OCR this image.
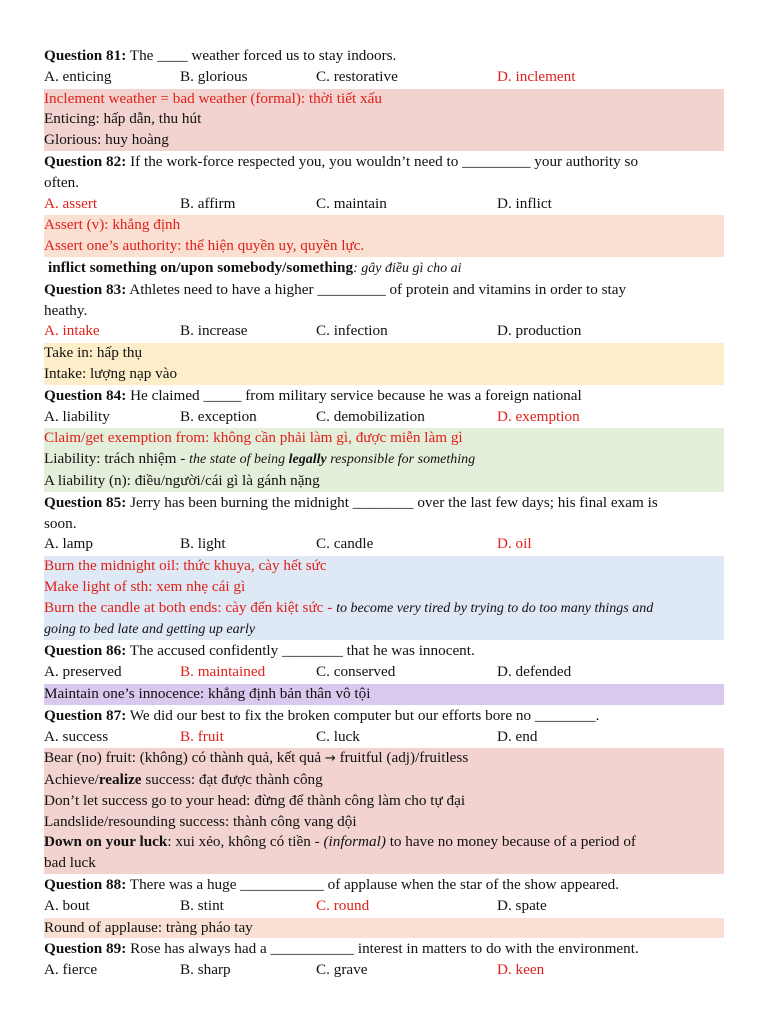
Question 81: The ____ weather forced us to stay indoors.
A. enticing	B. glorious	C. restorative	D. inclement
Inclement weather = bad weather (formal): thời tiết xấu
Enticing: hấp dẫn, thu hút
Glorious: huy hoàng
Question 82: If the work-force respected you, you wouldn’t need to _________ your authority so
often.
A. assert	B. affirm	C. maintain	D. inflict
Assert (v): khẳng định
Assert one’s authority: thể hiện quyền uy, quyền lực.
inflict something on/upon somebody/something: gây điều gì cho ai
Question 83: Athletes need to have a higher _________ of protein and vitamins in order to stay
heathy.
A. intake	B. increase	C. infection	D. production
Take in: hấp thụ
Intake: lượng nạp vào
Question 84: He claimed _____ from military service because he was a foreign national
A. liability	B. exception	C. demobilization	D. exemption
Claim/get exemption from: không cần phải làm gì, được miễn làm gì
Liability: trách nhiệm - the state of being legally responsible for something
A liability (n): điều/người/cái gì là gánh nặng
Question 85: Jerry has been burning the midnight ________ over the last few days; his final exam is
soon.
A. lamp	B. light	C. candle	D. oil
Burn the midnight oil: thức khuya, cày hết sức
Make light of sth: xem nhẹ cái gì
Burn the candle at both ends: cày đến kiệt sức - to become very tired by trying to do too many things and
going to bed late and getting up early
Question 86: The accused confidently ________ that he was innocent.
A. preserved	B. maintained	C. conserved	D. defended
Maintain one’s innocence: khẳng định bản thân vô tội
Question 87: We did our best to fix the broken computer but our efforts bore no ________.
A. success	B. fruit	C. luck	D. end
Bear (no) fruit: (không) có thành quả, kết quả → fruitful (adj)/fruitless
Achieve/realize success: đạt được thành công
Don’t let success go to your head: đừng để thành công làm cho tự đại
Landslide/resounding success: thành công vang dội
Down on your luck: xui xẻo, không có tiền - (informal) to have no money because of a period of
bad luck
Question 88: There was a huge ___________ of applause when the star of the show appeared.
A. bout	B. stint	C. round	D. spate
Round of applause: tràng pháo tay
Question 89: Rose has always had a ___________ interest in matters to do with the environment.
A. fierce	B. sharp	C. grave	D. keen
